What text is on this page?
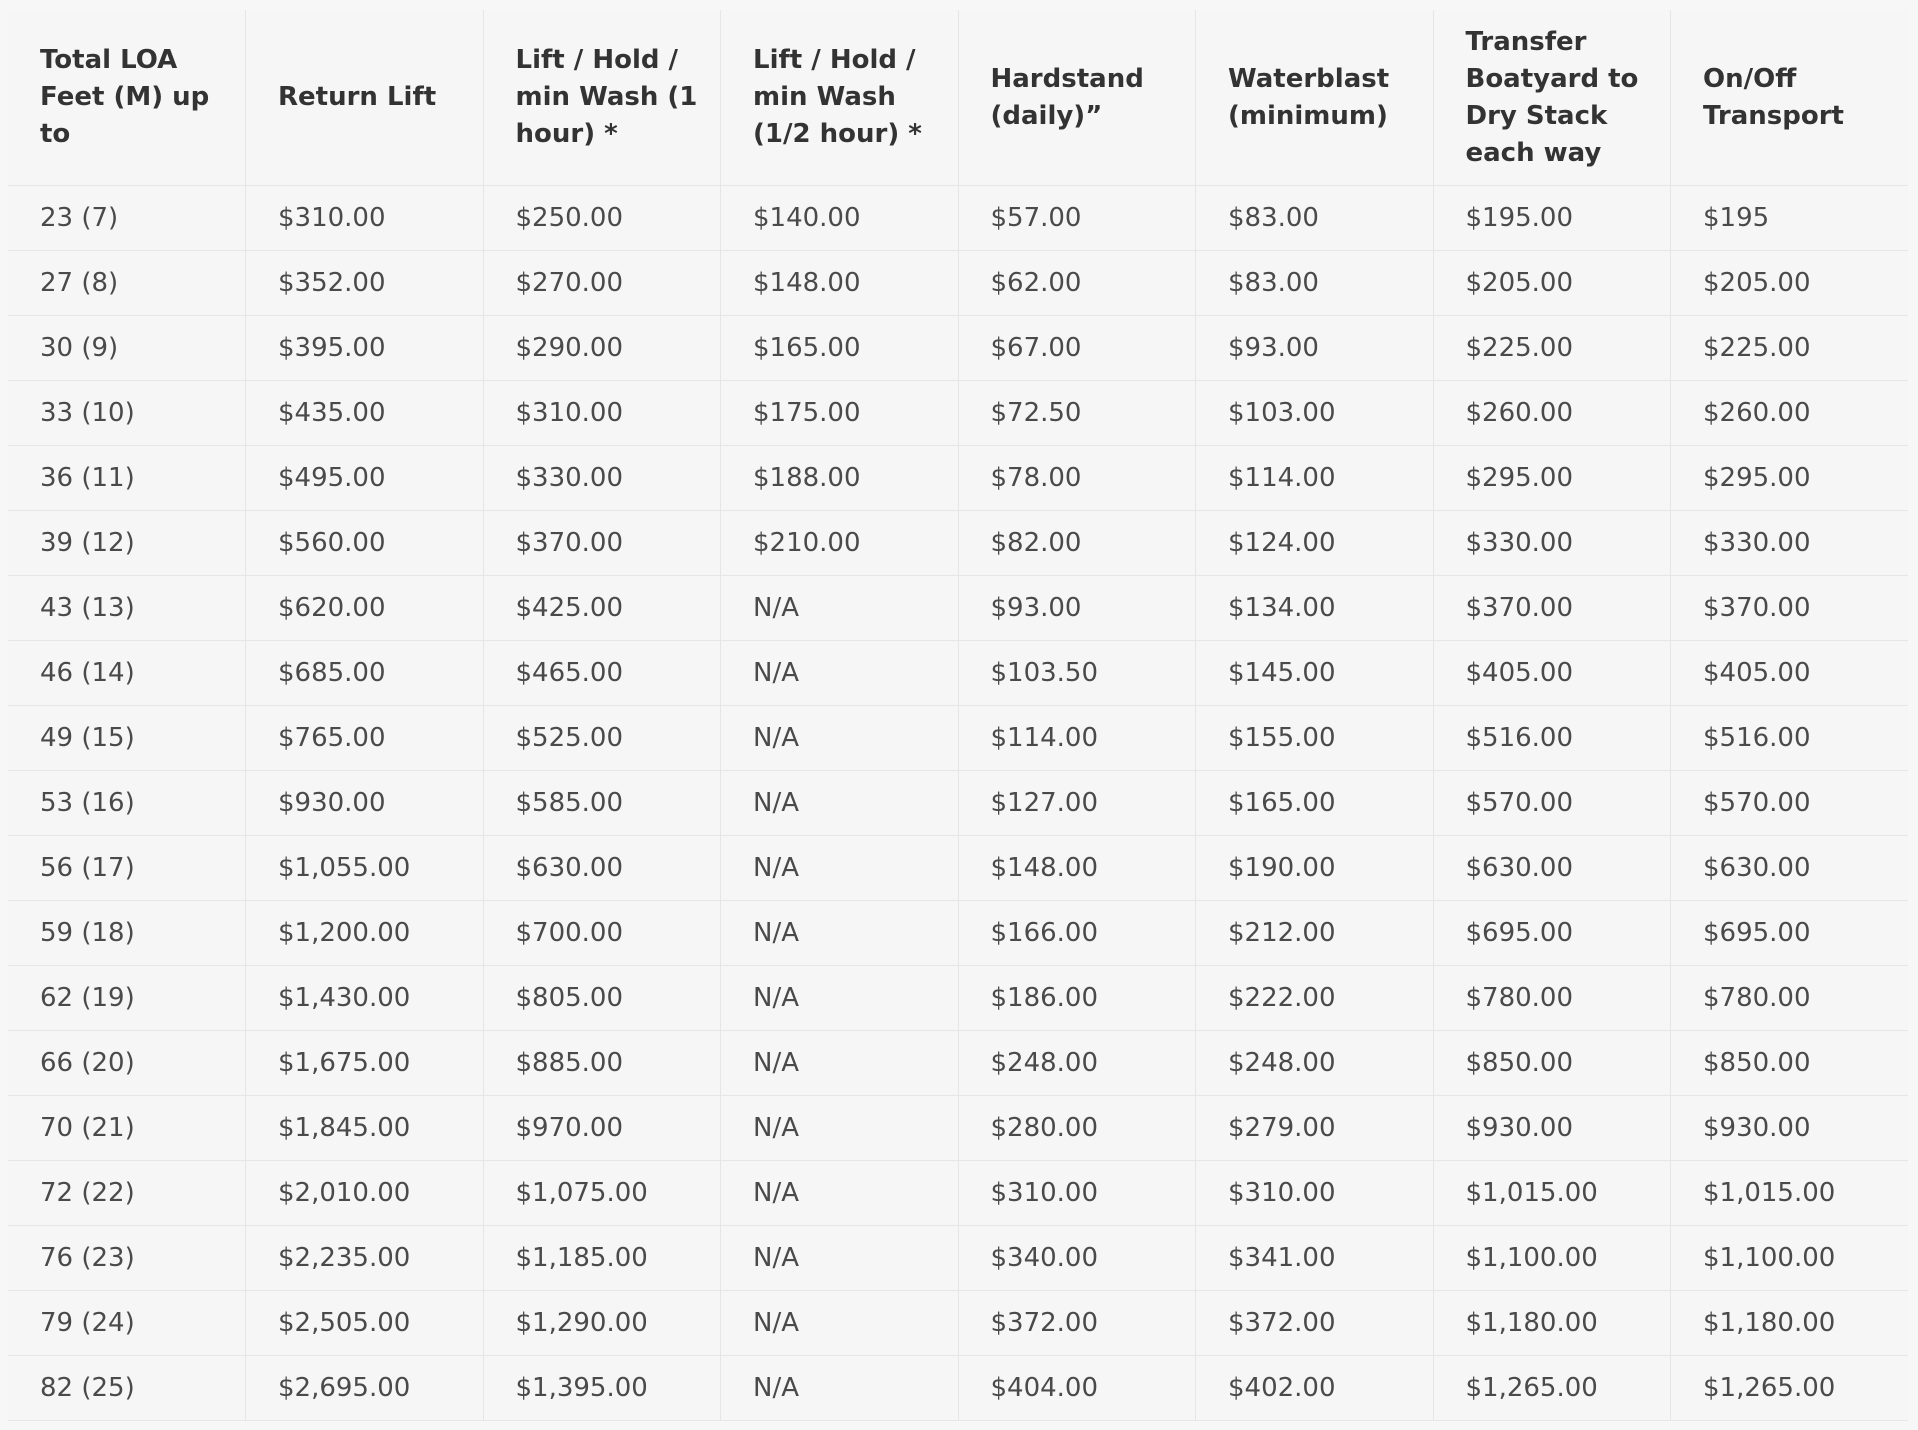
Total LOA Feet (M) up to	Return Lift	Lift / Hold / min Wash (1 hour) *	Lift / Hold / min Wash (1/2 hour) *	Hardstand (daily)”	Waterblast (minimum)	Transfer Boatyard to Dry Stack each way	On/Off Transport
23 (7)	$310.00	$250.00	$140.00	$57.00	$83.00	$195.00	$195
27 (8)	$352.00	$270.00	$148.00	$62.00	$83.00	$205.00	$205.00
30 (9)	$395.00	$290.00	$165.00	$67.00	$93.00	$225.00	$225.00
33 (10)	$435.00	$310.00	$175.00	$72.50	$103.00	$260.00	$260.00
36 (11)	$495.00	$330.00	$188.00	$78.00	$114.00	$295.00	$295.00
39 (12)	$560.00	$370.00	$210.00	$82.00	$124.00	$330.00	$330.00
43 (13)	$620.00	$425.00	N/A	$93.00	$134.00	$370.00	$370.00
46 (14)	$685.00	$465.00	N/A	$103.50	$145.00	$405.00	$405.00
49 (15)	$765.00	$525.00	N/A	$114.00	$155.00	$516.00	$516.00
53 (16)	$930.00	$585.00	N/A	$127.00	$165.00	$570.00	$570.00
56 (17)	$1,055.00	$630.00	N/A	$148.00	$190.00	$630.00	$630.00
59 (18)	$1,200.00	$700.00	N/A	$166.00	$212.00	$695.00	$695.00
62 (19)	$1,430.00	$805.00	N/A	$186.00	$222.00	$780.00	$780.00
66 (20)	$1,675.00	$885.00	N/A	$248.00	$248.00	$850.00	$850.00
70 (21)	$1,845.00	$970.00	N/A	$280.00	$279.00	$930.00	$930.00
72 (22)	$2,010.00	$1,075.00	N/A	$310.00	$310.00	$1,015.00	$1,015.00
76 (23)	$2,235.00	$1,185.00	N/A	$340.00	$341.00	$1,100.00	$1,100.00
79 (24)	$2,505.00	$1,290.00	N/A	$372.00	$372.00	$1,180.00	$1,180.00
82 (25)	$2,695.00	$1,395.00	N/A	$404.00	$402.00	$1,265.00	$1,265.00
